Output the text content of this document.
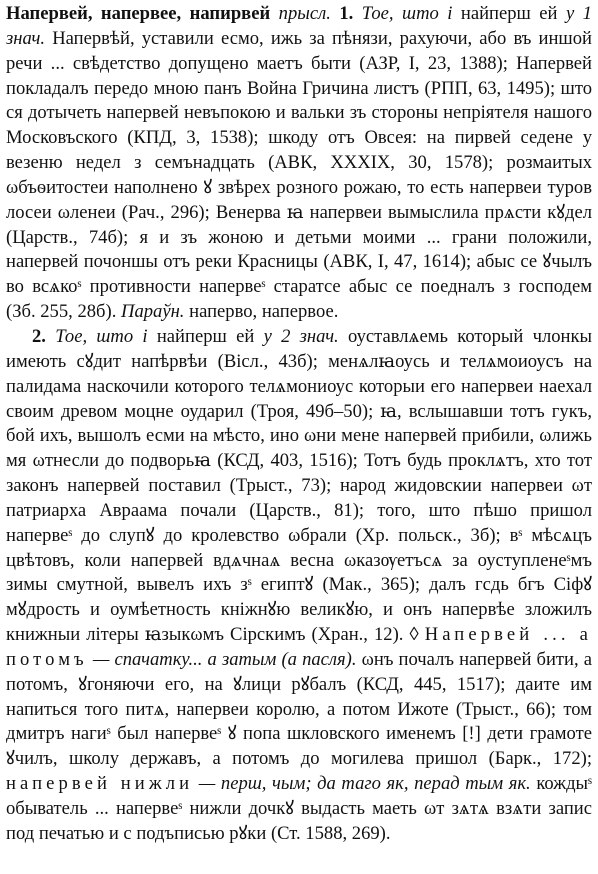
Напервей, напервее, напирвей прысл. 1. Тое, што і найперш ей у 1 знач. Напервѣй, уставили есмо, ижь за пѣнязи, рахуючи, або въ иншой речи ... свѣдетство допущено маетъ быти (АЗР, І, 23, 1388); Напервей покладалъ передо мною панъ Война Гричина листъ (РПП, 63, 1495); што ся дотычеть напервей невъпокою и вальки зъ стороны непріятеля нашого Московъского (КПД, 3, 1538); шкоду отъ Овсея: на пирвей седене у везеню недел з семънадцать (АВК, XXXIX, 30, 1578); розмаитых ωбъѳитостеи наполнено ꙋ звѣрех розного рожаю, то есть напервеи туров лосеи ωленеи (Рач., 296); Венерва ꙗ напервеи вымыслила прѧсти кꙋдел (Царств., 74б); я и зъ жоною и детьми моими ... грани положили, напервей почоншы отъ реки Красницы (АВК, І, 47, 1614); абыс се ꙋчылъ во всѧкоˢ противности напервеˢ старатсе абыс се поедналъ з господем (Зб. 255, 28б). Параўн. наперво, напервое.

2. Тое, што і найперш ей у 2 знач. оуставлѧемь который члонкы имеють сꙋдит напѣрвѣи (Вісл., 43б); менѧлꙗоусь и телѧмоиоусъ на палидама наскочили которого телѧмониоус которыи его напервеи наехал своим древом моцне оударил (Троя, 49б–50); ꙗ, вслышавши тотъ гукъ, бой ихъ, вышолъ есми на мѣсто, ино ωни мене напервей прибили, ωлижь мя ωтнесли до подворьꙗ (КСД, 403, 1516); Тотъ будь проклѧтъ, хто тот законъ напервей поставил (Трыст., 73); народ жидовскии напервеи ωт патриарха Авраама почали (Царств., 81); того, што пѣшо пришол напервеˢ до слупꙋ до кролевство ωбрали (Хр. польск., 3б); вˢ мѣсѧцъ цвѣтовъ, коли напервей вдѧчнаѧ весна ωказѹетъсѧ за оуступленеˢмъ зимы смутной, вывелъ ихъ зˢ египтꙋ (Мак., 365); далъ гсдь бгъ Сіфꙋ мꙋдрость и оумѣетность кніжнꙋю великꙋю, и онъ напервѣе зложилъ книжныи літеры ꙗзыкωмъ Сірскимъ (Хран., 12). ◊ Напервей ... а потомъ — спачатку... а затым (а пасля). ωнъ почалъ напервей бити, а потомъ, ꙋгоняючи его, на ꙋлици рꙋбалъ (КСД, 445, 1517); даите им напиться того питѧ, напервеи королю, а потом Ижоте (Трыст., 66); том дмитръ нагиˢ был напервеˢ ꙋ попа шкловского именемъ [!] дети грамоте ꙋчилъ, школу державъ, а потомъ до могилева пришол (Барк., 172); напервей нижли — перш, чым; да таго як, перад тым як. кождыˢ обыватель ... напервеˢ нижли дочкꙋ выдасть маеть ωт зѧтѧ взѧти запис под печатью и с подъписью рꙋки (Ст. 1588, 269).
